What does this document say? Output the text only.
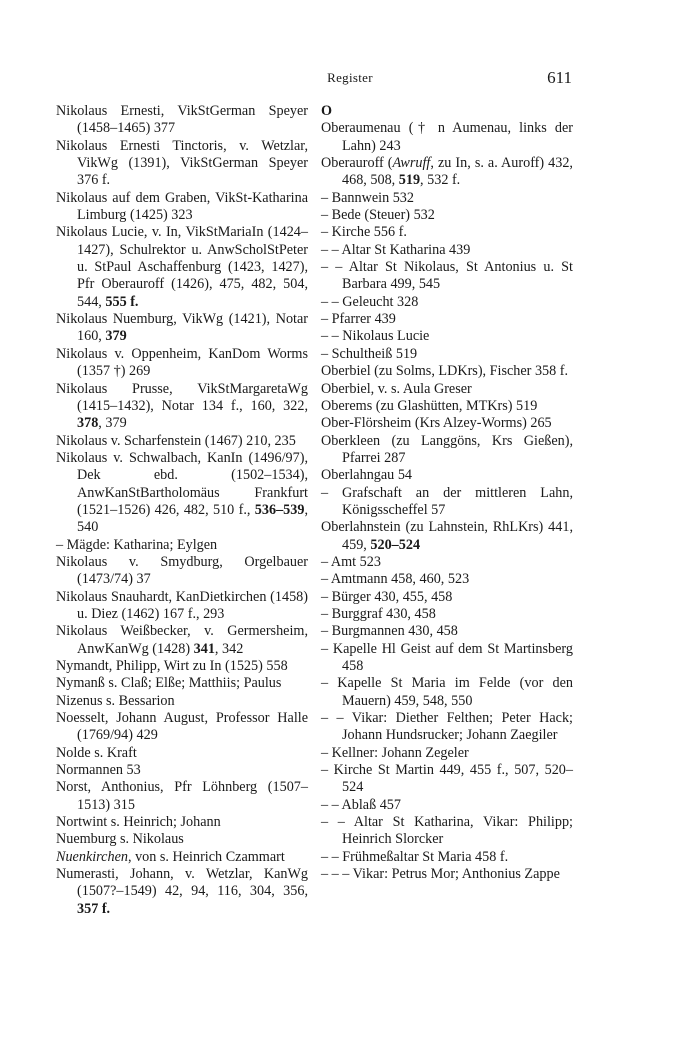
Register	611
Nikolaus Ernesti, VikStGerman Speyer (1458–1465) 377
Nikolaus Ernesti Tinctoris, v. Wetzlar, VikWg (1391), VikStGerman Speyer 376 f.
Nikolaus auf dem Graben, VikSt-Katharina Limburg (1425) 323
Nikolaus Lucie, v. In, VikStMariaIn (1424–1427), Schulrektor u. AnwScholStPeter u. StPaul Aschaffenburg (1423, 1427), Pfr Oberauroff (1426), 475, 482, 504, 544, 555 f.
Nikolaus Nuemburg, VikWg (1421), Notar 160, 379
Nikolaus v. Oppenheim, KanDom Worms (1357 †) 269
Nikolaus Prusse, VikStMargaretaWg (1415–1432), Notar 134 f., 160, 322, 378, 379
Nikolaus v. Scharfenstein (1467) 210, 235
Nikolaus v. Schwalbach, KanIn (1496/97), Dek ebd. (1502–1534), AnwKanStBartholomäus Frankfurt (1521–1526) 426, 482, 510 f., 536–539, 540
– Mägde: Katharina; Eylgen
Nikolaus v. Smydburg, Orgelbauer (1473/74) 37
Nikolaus Snauhardt, KanDietkirchen (1458) u. Diez (1462) 167 f., 293
Nikolaus Weißbecker, v. Germersheim, AnwKanWg (1428) 341, 342
Nymandt, Philipp, Wirt zu In (1525) 558
Nymanß s. Claß; Elße; Matthiis; Paulus
Nizenus s. Bessarion
Noesselt, Johann August, Professor Halle (1769/94) 429
Nolde s. Kraft
Normannen 53
Norst, Anthonius, Pfr Löhnberg (1507–1513) 315
Nortwint s. Heinrich; Johann
Nuemburg s. Nikolaus
Nuenkirchen, von s. Heinrich Czammart
Numerasti, Johann, v. Wetzlar, KanWg (1507?–1549) 42, 94, 116, 304, 356, 357 f.
O
Oberaumenau († n Aumenau, links der Lahn) 243
Oberauroff (Awruff, zu In, s. a. Auroff) 432, 468, 508, 519, 532 f.
– Bannwein 532
– Bede (Steuer) 532
– Kirche 556 f.
– – Altar St Katharina 439
– – Altar St Nikolaus, St Antonius u. St Barbara 499, 545
– – Geleucht 328
– Pfarrer 439
– – Nikolaus Lucie
– Schultheiß 519
Oberbiel (zu Solms, LDKrs), Fischer 358 f.
Oberbiel, v. s. Aula Greser
Oberems (zu Glashütten, MTKrs) 519
Ober-Flörsheim (Krs Alzey-Worms) 265
Oberkleen (zu Langgöns, Krs Gießen), Pfarrei 287
Oberlahngau 54
– Grafschaft an der mittleren Lahn, Königsscheffel 57
Oberlahnstein (zu Lahnstein, RhLKrs) 441, 459, 520–524
– Amt 523
– Amtmann 458, 460, 523
– Bürger 430, 455, 458
– Burggraf 430, 458
– Burgmannen 430, 458
– Kapelle Hl Geist auf dem St Martinsberg 458
– Kapelle St Maria im Felde (vor den Mauern) 459, 548, 550
– – Vikar: Diether Felthen; Peter Hack; Johann Hundsrucker; Johann Zaegiler
– Kellner: Johann Zegeler
– Kirche St Martin 449, 455 f., 507, 520–524
– – Ablaß 457
– – Altar St Katharina, Vikar: Philipp; Heinrich Slorcker
– – Frühmeßaltar St Maria 458 f.
– – – Vikar: Petrus Mor; Anthonius Zappe
